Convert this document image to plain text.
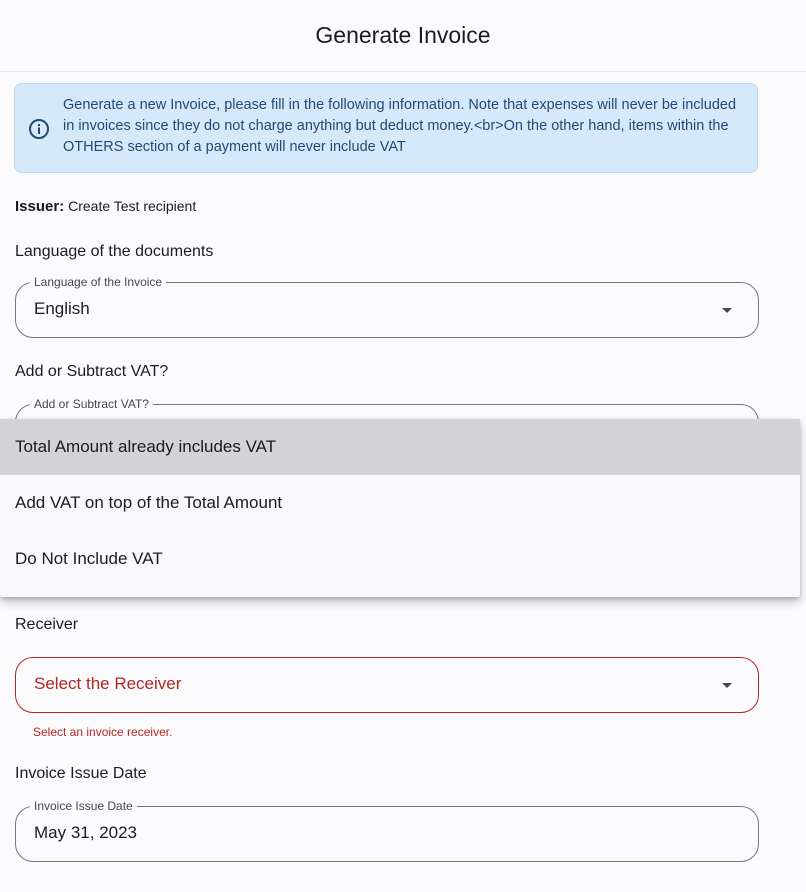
Generate Invoice
Generate a new Invoice, please fill in the following information. Note that expenses will never be included in invoices since they do not charge anything but deduct money.<br>On the other hand, items within the OTHERS section of a payment will never include VAT
Issuer: Create Test recipient
Language of the documents
Language of the Invoice
English
Add or Subtract VAT?
Add or Subtract VAT?
Receiver
Select the Receiver
Select an invoice receiver.
Invoice Issue Date
Invoice Issue Date
May 31, 2023
Total Amount already includes VAT
Add VAT on top of the Total Amount
Do Not Include VAT
